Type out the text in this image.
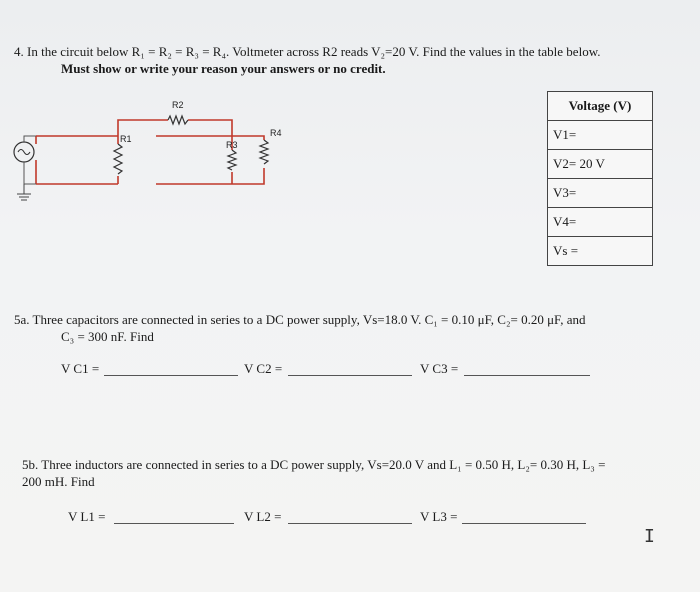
4. In the circuit below R₁ = R₂ = R₃ = R₄. Voltmeter across R2 reads V₂=20 V. Find the values in the table below.
Must show or write your reason your answers or no credit.
R1
R2
R3
R4
Voltage (V)
V1=
V2= 20 V
V3=
V4=
Vs =
5a. Three capacitors are connected in series to a DC power supply, Vs=18.0 V. C₁ = 0.10 μF, C₂= 0.20 μF, and
C₃ = 300 nF. Find
V C1 =	V C2 =	V C3 =
5b. Three inductors are connected in series to a DC power supply, Vs=20.0 V and L₁ = 0.50 H, L₂= 0.30 H, L₃ =
200 mH. Find
V L1 =	V L2 =	V L3 =
I
